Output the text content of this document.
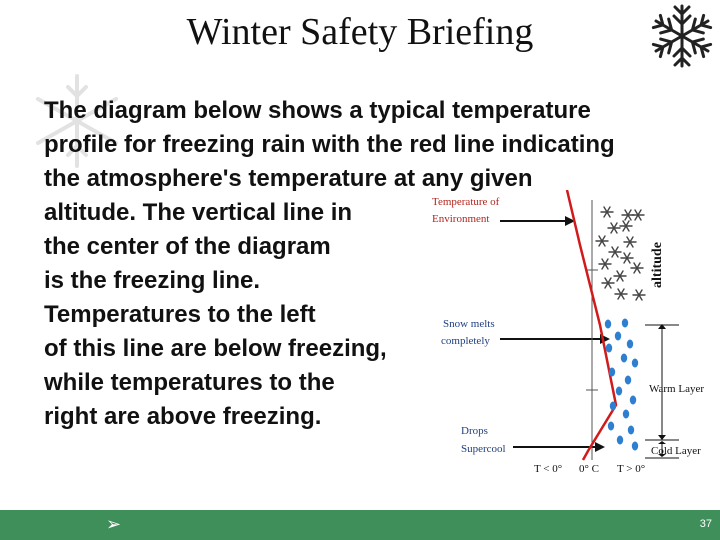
Winter Safety Briefing
The diagram below shows a typical temperature
profile for freezing rain with the red line indicating
the atmosphere's temperature at any given
altitude. The vertical line in
the center of the diagram
is the freezing line.
Temperatures to the left
of this line are below freezing,
while temperatures to the
right are above freezing.
Temperature of
Environment
Snow melts
completely
Drops
Supercool
Warm Layer
Cold Layer
T < 0° 0° C T > 0°
altitude
➢	37
